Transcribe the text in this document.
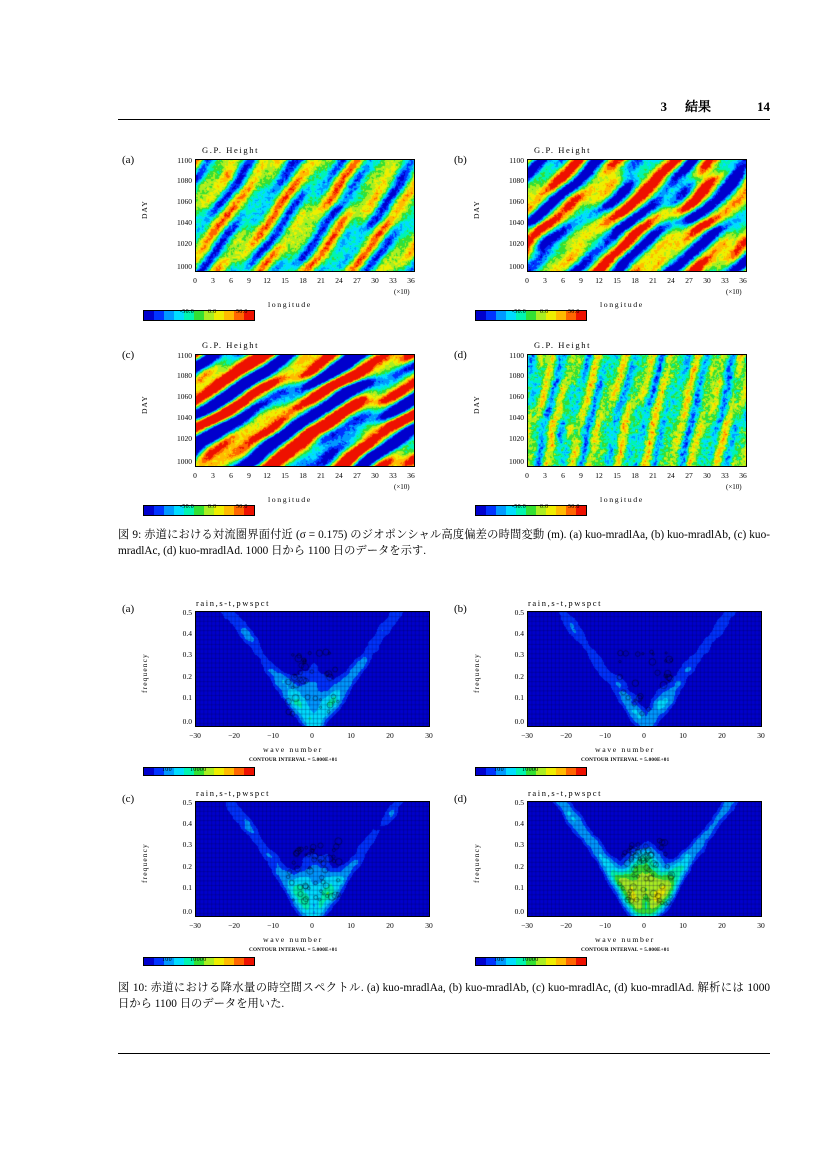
3 結果	14
(a)
G.P. Height
DAY
1100
1080
1060
1040
1020
1000
0	3	6	9	12	15	18	21	24	27	30	33	36
(×10)
longitude
-50.0 0.0	50.0
(b)
G.P. Height
DAY
1100
1080
1060
1040
1020
1000
0	3	6	9	12	15	18	21	24	27	30	33	36
(×10)
longitude
-50.0 0.0	50.0
(c)
G.P. Height
DAY
1100
1080
1060
1040
1020
1000
0	3	6	9	12	15	18	21	24	27	30	33	36
(×10)
longitude
-50.0 0.0	50.0
(d)
G.P. Height
DAY
1100
1080
1060
1040
1020
1000
0	3	6	9	12	15	18	21	24	27	30	33	36
(×10)
longitude
-50.0 0.0	50.0
図 9: 赤道における対流圏界面付近 (σ = 0.175) のジオポンシャル高度偏差の時間変動 (m). (a) kuo-mradlAa, (b) kuo-mradlAb, (c) kuo-mradlAc, (d) kuo-mradlAd. 1000 日から 1100 日のデータを示す.
(a)	rain,s-t,pwspct
frequency
0.5
0.4
0.3
0.2
0.1
0.0
−30	−20	−10	0	10	20	30
wave number
CONTOUR INTERVAL = 5.000E+01
100	10000
(b)	rain,s-t,pwspct
frequency
0.5
0.4
0.3
0.2
0.1
0.0
−30	−20	−10	0	10	20	30
wave number
CONTOUR INTERVAL = 5.000E+01
100	10000
(c)	rain,s-t,pwspct
frequency
0.5
0.4
0.3
0.2
0.1
0.0
−30	−20	−10	0	10	20	30
wave number
CONTOUR INTERVAL = 5.000E+01
100	10000
(d)	rain,s-t,pwspct
frequency
0.5
0.4
0.3
0.2
0.1
0.0
−30	−20	−10	0	10	20	30
wave number
CONTOUR INTERVAL = 5.000E+01
100	10000
図 10: 赤道における降水量の時空間スペクトル. (a) kuo-mradlAa, (b) kuo-mradlAb, (c) kuo-mradlAc, (d) kuo-mradlAd. 解析には 1000 日から 1100 日のデータを用いた.
